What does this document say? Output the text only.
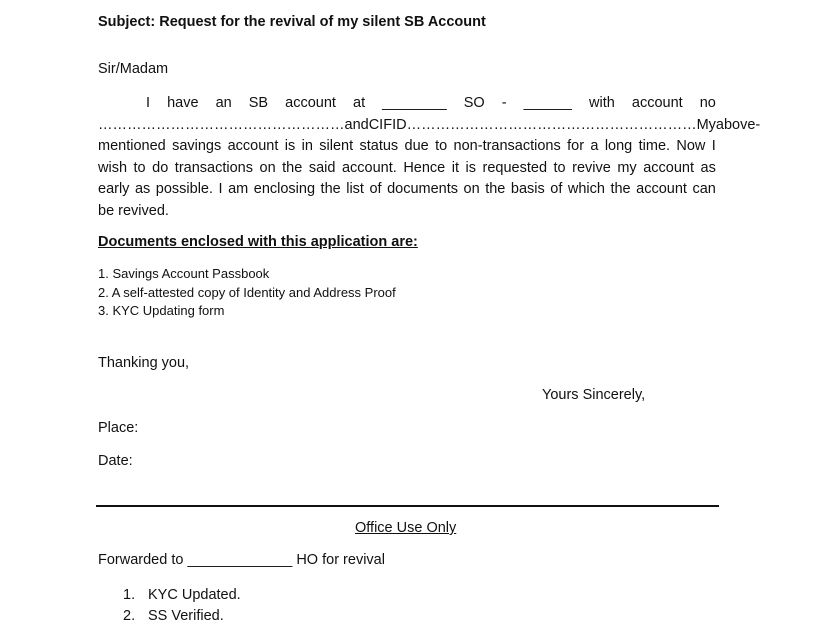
Subject: Request for the revival of my silent SB Account
Sir/Madam
I have an SB account at ________ SO - ______ with account no
…………………………………………… and CIF ID …………………………………………………… My above-
mentioned savings account is in silent status due to non-transactions for a long time. Now I
wish to do transactions on the said account. Hence it is requested to revive my account as
early as possible. I am enclosing the list of documents on the basis of which the account can
be revived.
Documents enclosed with this application are:
1. Savings Account Passbook
2. A self-attested copy of Identity and Address Proof
3. KYC Updating form
Thanking you,
Yours Sincerely,
Place:
Date:
Office Use Only
Forwarded to _____________ HO for revival
1. KYC Updated.
2. SS Verified.
